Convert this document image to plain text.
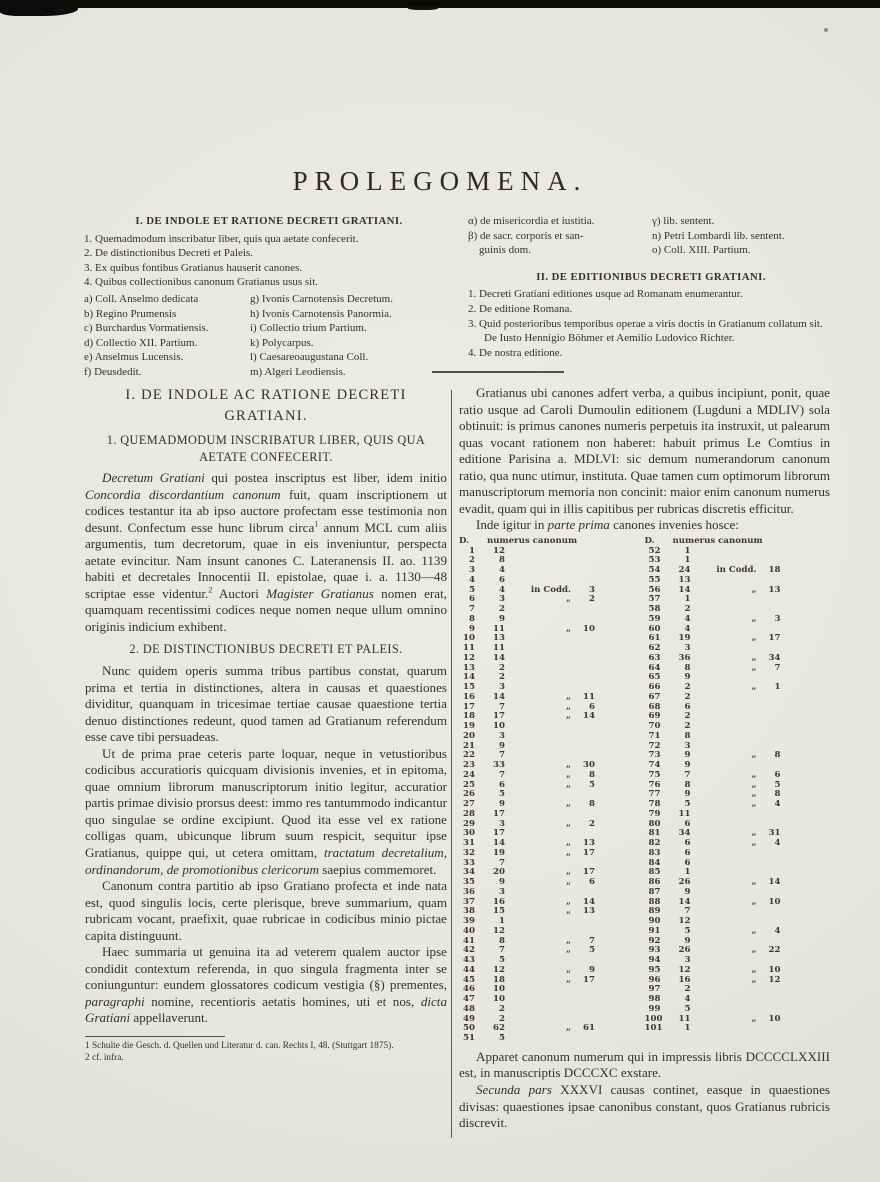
PROLEGOMENA.
I. DE INDOLE ET RATIONE DECRETI GRATIANI.
1. Quemadmodum inscribatur liber, quis qua aetate confecerit.
2. De distinctionibus Decreti et Paleis.
3. Ex quibus fontibus Gratianus hauserit canones.
4. Quibus collectionibus canonum Gratianus usus sit.
a) Coll. Anselmo dedicata
b) Regino Prumensis
c) Burchardus Vormatiensis.
d) Collectio XII. Partium.
e) Anselmus Lucensis.
f) Deusdedit.
g) Ivonis Carnotensis Decretum.
h) Ivonis Carnotensis Panormia.
i) Collectio trium Partium.
k) Polycarpus.
l) Caesareoaugustana Coll.
m) Algeri Leodiensis.
α) de misericordia et iustitia.	γ) lib. sentent.
β) de sacr. corporis et san-	n) Petri Lombardi lib. sentent.
guinis dom.	o) Coll. XIII. Partium.
II. DE EDITIONIBUS DECRETI GRATIANI.
1. Decreti Gratiani editiones usque ad Romanam enumerantur.
2. De editione Romana.
3. Quid posterioribus temporibus operae a viris doctis in Gratianum collatum sit. De Iusto Hennigio Böhmer et Aemilio Ludovico Richter.
4. De nostra editione.
I. DE INDOLE AC RATIONE DECRETI GRATIANI.
1. QUEMADMODUM INSCRIBATUR LIBER, QUIS QUA AETATE CONFECERIT.

Decretum Gratiani qui postea inscriptus est liber, idem initio Concordia discordantium canonum fuit, quam inscriptionem ut codices testantur ita ab ipso auctore profectam esse testimonia non desunt. Confectum esse hunc librum circa$^1$ annum MCL cum aliis argumentis, tum decretorum, quae in eis inveniuntur, perspecta aetate evincitur. Nam insunt canones C. Lateranensis II. ao. 1139 habiti et decretales Innocentii II. epistolae, quae i. a. 1130—48 scriptae esse videntur.$^2$ Auctori Magister Gratianus nomen erat, quamquam recentissimi codices neque nomen neque ullum omnino originis indicium exhibent.

2. DE DISTINCTIONIBUS DECRETI ET PALEIS.

Nunc quidem operis summa tribus partibus constat, quarum prima et tertia in distinctiones, altera in causas et quaestiones dividitur, quanquam in tricesimae tertiae causae quaestione tertia denuo distinctiones redeunt, quod tamen ad Gratianum referendum esse cave tibi persuadeas.

Ut de prima prae ceteris parte loquar, neque in vetustioribus codicibus accuratioris quicquam divisionis invenies, et in epitoma, quae omnium librorum manuscriptorum initio legitur, accuratior partis primae divisio prorsus deest: immo res tantummodo indicantur quo singulae se ordine excipiunt. Quod ita esse vel ex ratione colligas quam, ubicunque librum suum respicit, sequitur ipse Gratianus, quippe qui, ut cetera omittam, tractatum decretalium, ordinandorum, de promotionibus clericorum saepius commemoret.

Canonum contra partitio ab ipso Gratiano profecta et inde nata est, quod singulis locis, certe plerisque, breve summarium, quam rubricam vocant, praefixit, quae rubricae in codicibus minio pictae capita distinguunt.

Haec summaria ut genuina ita ad veterem qualem auctor ipse condidit contextum referenda, in quo singula fragmenta inter se coniunguntur: eundem glossatores codicum vestigia (§) prementes, paragraphi nomine, recentioris aetatis homines, uti et nos, dicta Gratiani appellaverunt.

1 Schulte die Gesch. d. Quellen und Literatur d. can. Rechts I, 48. (Stuttgart 1875).
2 cf. infra.

Gratianus ubi canones adfert verba, a quibus incipiunt, ponit, quae ratio usque ad Caroli Dumoulin editionem (Lugduni a MDLIV) sola obtinuit: is primus canones numeris perpetuis ita instruxit, ut palearum quas vocant rationem non haberet: habuit primus Le Comtius in editione Parisina a. MDLVI: sic demum numerandorum canonum ratio, qua nunc utimur, instituta. Quae tamen cum optimorum librorum manuscriptorum memoria non concinit: maior enim canonum numerus evadit, quam qui in illis capitibus per rubricas discretis efficitur.

Inde igitur in parte prima canones invenies hosce:

D.	numerus canonum
1	12
2	8
3	4
4	6
5	4	in Codd.	3
6	3	„	2
7	2
8	9
9	11	„	10
10	13
11	11
12	14
13	2
14	2
15	3
16	14	„	11
17	7	„	6
18	17	„	14
19	10
20	3
21	9
22	7
23	33	„	30
24	7	„	8
25	6	„	5
26	5
27	9	„	8
28	17
29	3	„	2
30	17
31	14	„	13
32	19	„	17
33	7
34	20	„	17
35	9	„	6
36	3
37	16	„	14
38	15	„	13
39	1
40	12
41	8	„	7
42	7	„	5
43	5
44	12	„	9
45	18	„	17
46	10
47	10
48	2
49	2
50	62	„	61
51	5
D.	numerus canonum
52	1
53	1
54	24	in Codd.	18
55	13
56	14	„	13
57	1
58	2
59	4	„	3
60	4
61	19	„	17
62	3
63	36	„	34
64	8	„	7
65	9
66	2	„	1
67	2
68	6
69	2
70	2
71	8
72	3
73	9	„	8
74	9
75	7	„	6
76	8	„	5
77	9	„	8
78	5	„	4
79	11
80	6
81	34	„	31
82	6	„	4
83	6
84	6
85	1
86	26	„	14
87	9
88	14	„	10
89	7
90	12
91	5	„	4
92	9
93	26	„	22
94	3
95	12	„	10
96	16	„	12
97	2
98	4
99	5
100	11	„	10
101	1

Apparet canonum numerum qui in impressis libris DCCCCLXXIII est, in manuscriptis DCCCXC exstare.

Secunda pars XXXVI causas continet, easque in quaestiones divisas: quaestiones ipsae canonibus constant, quos Gratianus rubricis discrevit.
